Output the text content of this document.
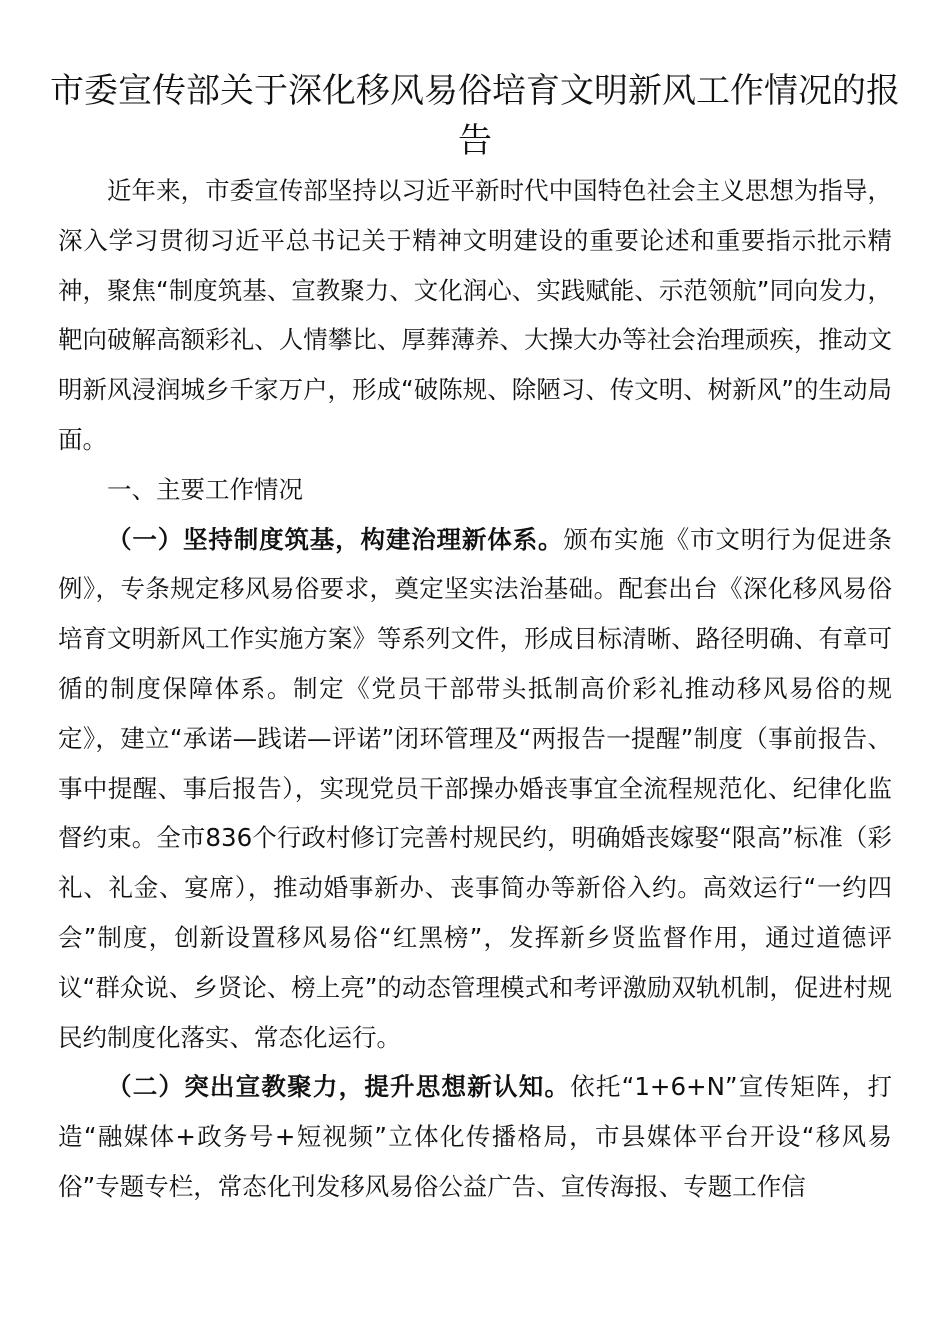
市委宣传部关于深化移风易俗培育文明新风工作情况的报告

近年来，市委宣传部坚持以习近平新时代中国特色社会主义思想为指导，深入学习贯彻习近平总书记关于精神文明建设的重要论述和重要指示批示精神，聚焦“制度筑基、宣教聚力、文化润心、实践赋能、示范领航”同向发力，靶向破解高额彩礼、人情攀比、厚葬薄养、大操大办等社会治理顽疾，推动文明新风浸润城乡千家万户，形成“破陈规、除陋习、传文明、树新风”的生动局面。

一、主要工作情况

（一）坚持制度筑基，构建治理新体系。颁布实施《市文明行为促进条例》，专条规定移风易俗要求，奠定坚实法治基础。配套出台《深化移风易俗培育文明新风工作实施方案》等系列文件，形成目标清晰、路径明确、有章可循的制度保障体系。制定《党员干部带头抵制高价彩礼推动移风易俗的规定》，建立“承诺—践诺—评诺”闭环管理及“两报告一提醒”制度（事前报告、事中提醒、事后报告），实现党员干部操办婚丧事宜全流程规范化、纪律化监督约束。全市836个行政村修订完善村规民约，明确婚丧嫁娶“限高”标准（彩礼、礼金、宴席），推动婚事新办、丧事简办等新俗入约。高效运行“一约四会”制度，创新设置移风易俗“红黑榜”，发挥新乡贤监督作用，通过道德评议“群众说、乡贤论、榜上亮”的动态管理模式和考评激励双轨机制，促进村规民约制度化落实、常态化运行。

（二）突出宣教聚力，提升思想新认知。依托“1+6+N”宣传矩阵，打造“融媒体+政务号+短视频”立体化传播格局，市县媒体平台开设“移风易俗”专题专栏，常态化刊发移风易俗公益广告、宣传海报、专题工作信
